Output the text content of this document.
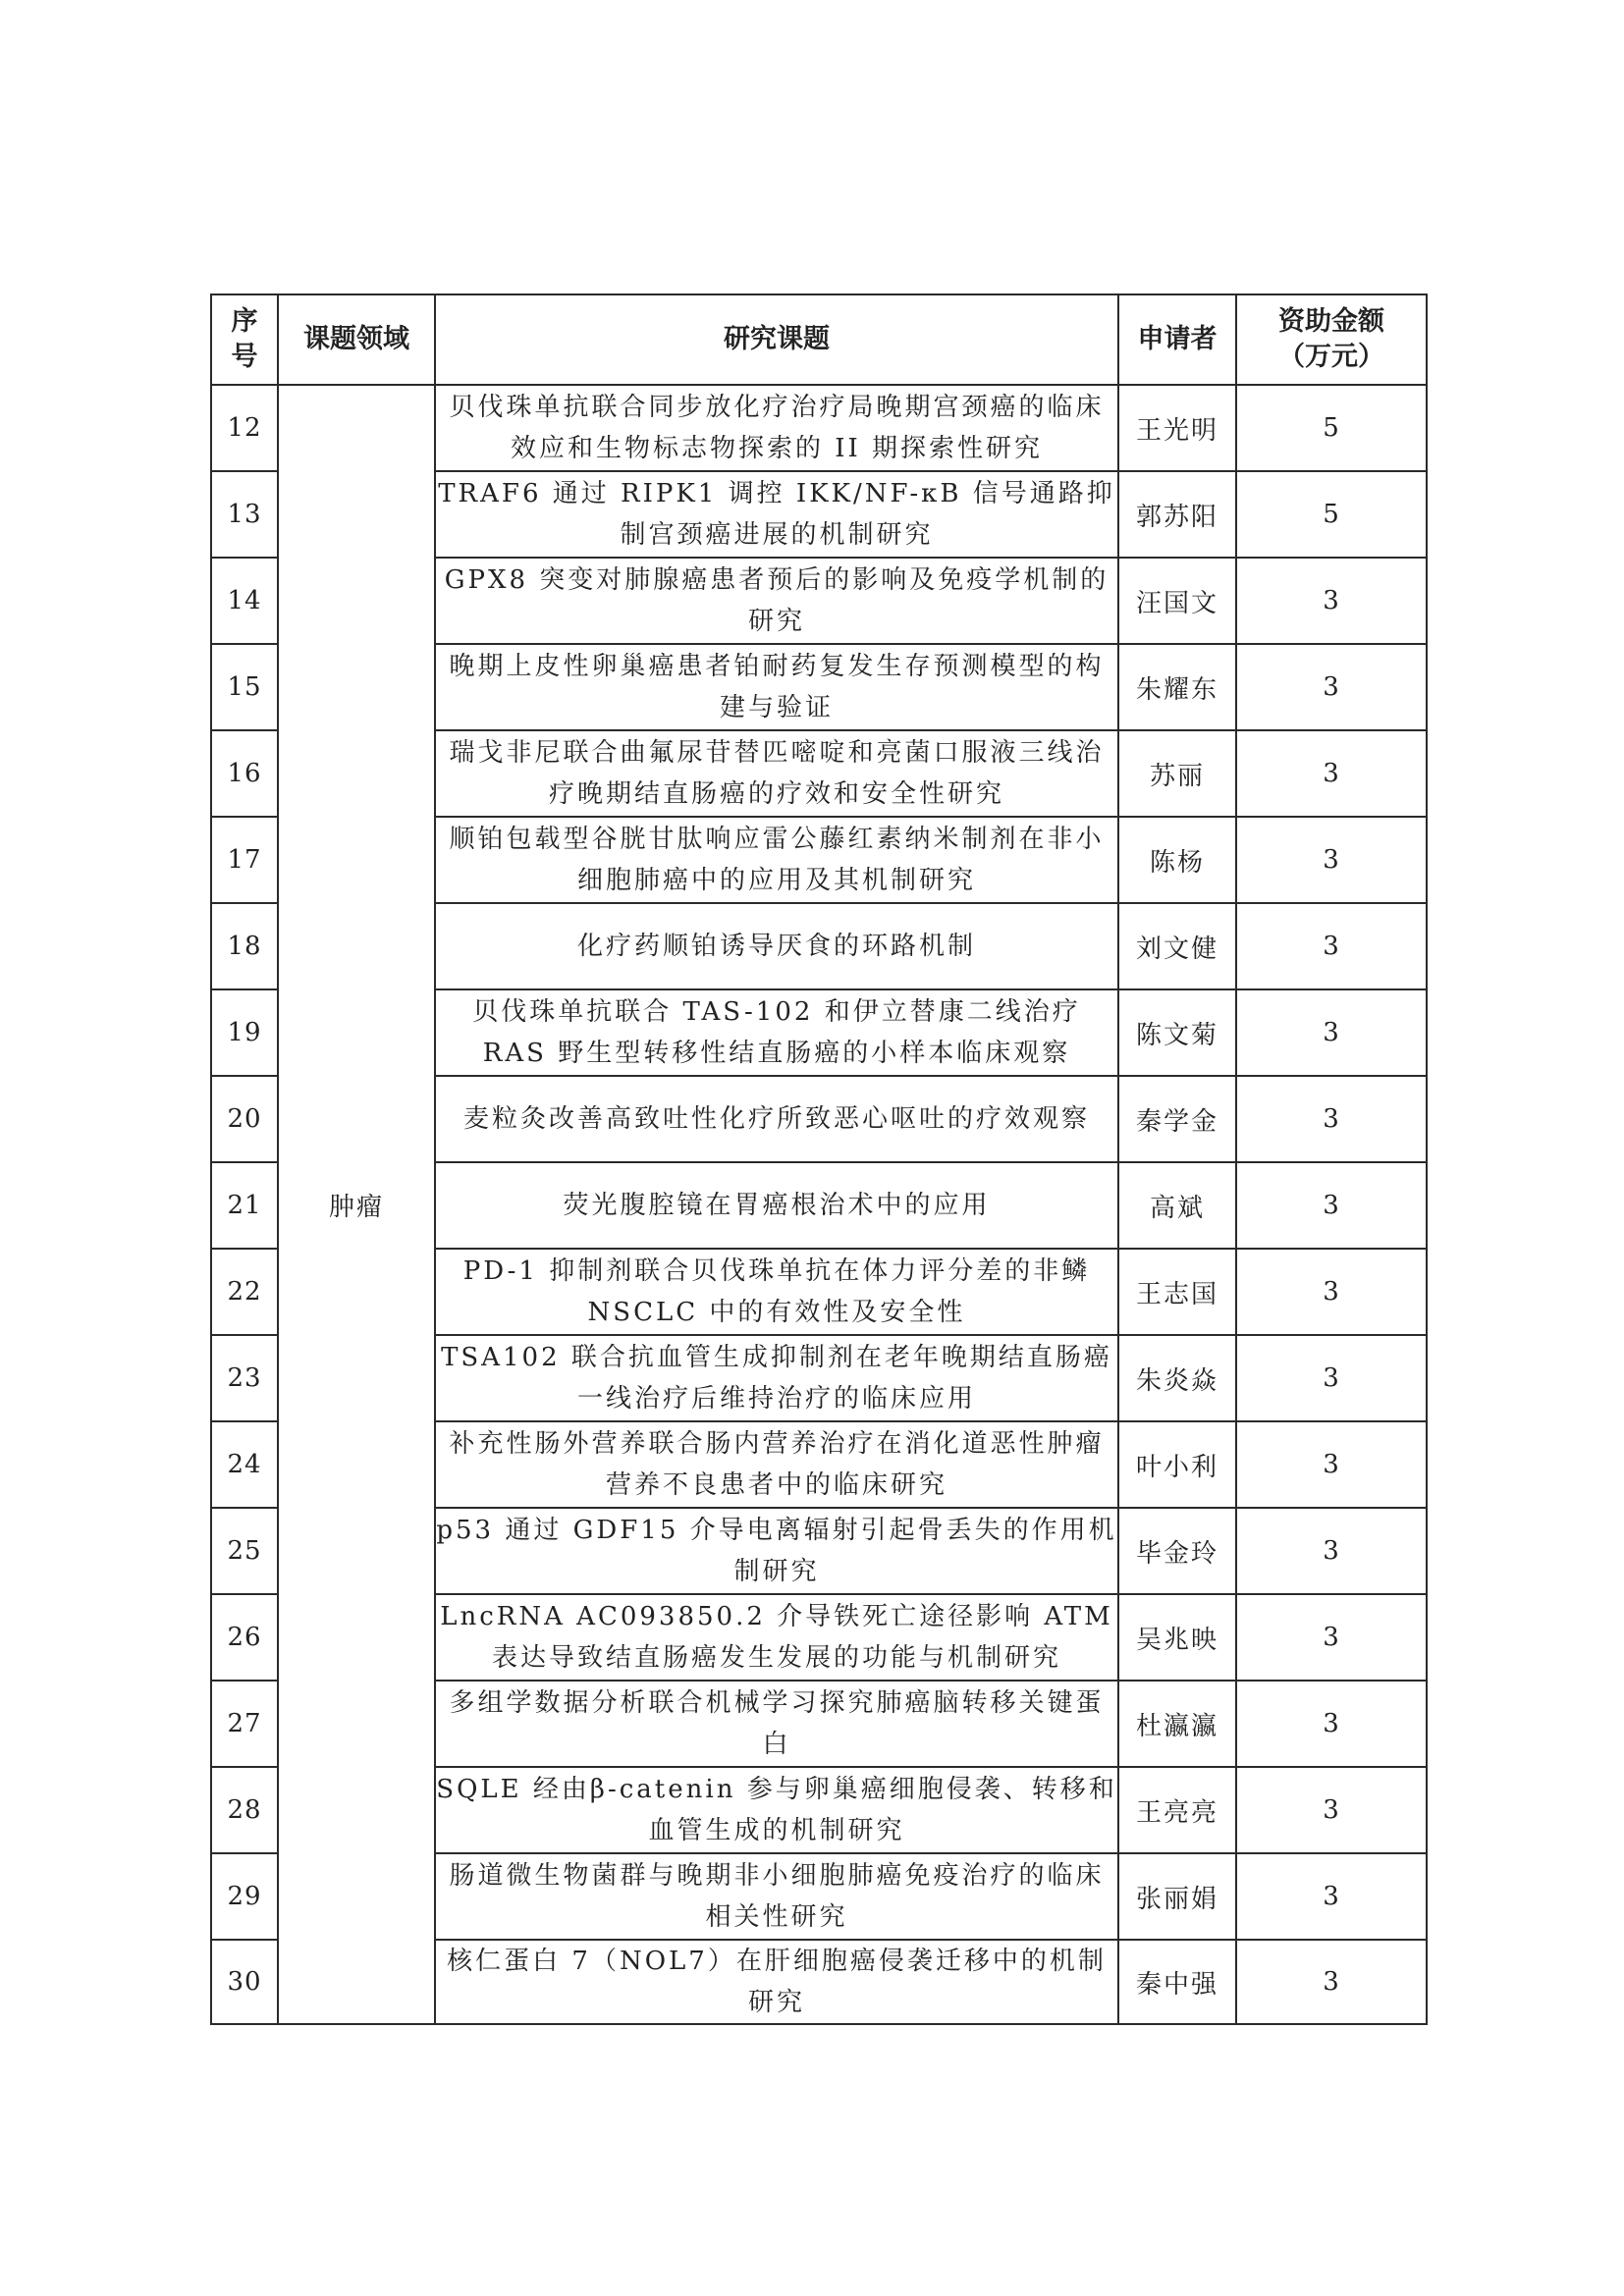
序号	课题领域	研究课题	申请者	资助金额
（万元）

12	肿瘤	贝伐珠单抗联合同步放化疗治疗局晚期宫颈癌的临床效应和生物标志物探索的 II 期探索性研究	王光明	5
13		TRAF6 通过 RIPK1 调控 IKK/NF-κB 信号通路抑制宫颈癌进展的机制研究	郭苏阳	5
14		GPX8 突变对肺腺癌患者预后的影响及免疫学机制的研究	汪国文	3
15		晚期上皮性卵巢癌患者铂耐药复发生存预测模型的构建与验证	朱耀东	3
16		瑞戈非尼联合曲氟尿苷替匹嘧啶和亮菌口服液三线治疗晚期结直肠癌的疗效和安全性研究	苏丽	3
17		顺铂包载型谷胱甘肽响应雷公藤红素纳米制剂在非小细胞肺癌中的应用及其机制研究	陈杨	3
18		化疗药顺铂诱导厌食的环路机制	刘文健	3
19		贝伐珠单抗联合 TAS-102 和伊立替康二线治疗 RAS 野生型转移性结直肠癌的小样本临床观察	陈文菊	3
20		麦粒灸改善高致吐性化疗所致恶心呕吐的疗效观察	秦学金	3
21		荧光腹腔镜在胃癌根治术中的应用	高斌	3
22		PD-1 抑制剂联合贝伐珠单抗在体力评分差的非鳞 NSCLC 中的有效性及安全性	王志国	3
23		TSA102 联合抗血管生成抑制剂在老年晚期结直肠癌一线治疗后维持治疗的临床应用	朱炎焱	3
24		补充性肠外营养联合肠内营养治疗在消化道恶性肿瘤营养不良患者中的临床研究	叶小利	3
25		p53 通过 GDF15 介导电离辐射引起骨丢失的作用机制研究	毕金玲	3
26		LncRNA AC093850.2 介导铁死亡途径影响 ATM 表达导致结直肠癌发生发展的功能与机制研究	吴兆映	3
27		多组学数据分析联合机械学习探究肺癌脑转移关键蛋白	杜瀛瀛	3
28		SQLE 经由β-catenin 参与卵巢癌细胞侵袭、转移和血管生成的机制研究	王亮亮	3
29		肠道微生物菌群与晚期非小细胞肺癌免疫治疗的临床相关性研究	张丽娟	3
30		核仁蛋白 7（NOL7）在肝细胞癌侵袭迁移中的机制研究	秦中强	3
